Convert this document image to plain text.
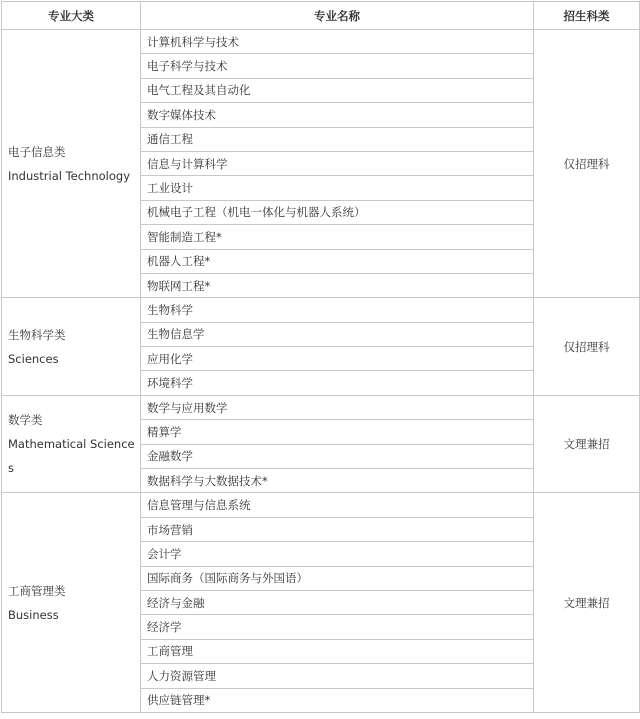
专业大类	专业名称	招生科类

电子信息类
Industrial Technology	计算机科学与技术	仅招理科
	电子科学与技术	
	电气工程及其自动化	
	数字媒体技术	
	通信工程	
	信息与计算科学	
	工业设计	
	机械电子工程（机电一体化与机器人系统）	
	智能制造工程*	
	机器人工程*	
	物联网工程*	

生物科学类
Sciences	生物科学	仅招理科
	生物信息学	
	应用化学	
	环境科学	

数学类
Mathematical Sciences	数学与应用数学	文理兼招
	精算学	
	金融数学	
	数据科学与大数据技术*	

工商管理类
Business	信息管理与信息系统	文理兼招
	市场营销	
	会计学	
	国际商务（国际商务与外国语）	
	经济与金融	
	经济学	
	工商管理	
	人力资源管理	
	供应链管理*	
